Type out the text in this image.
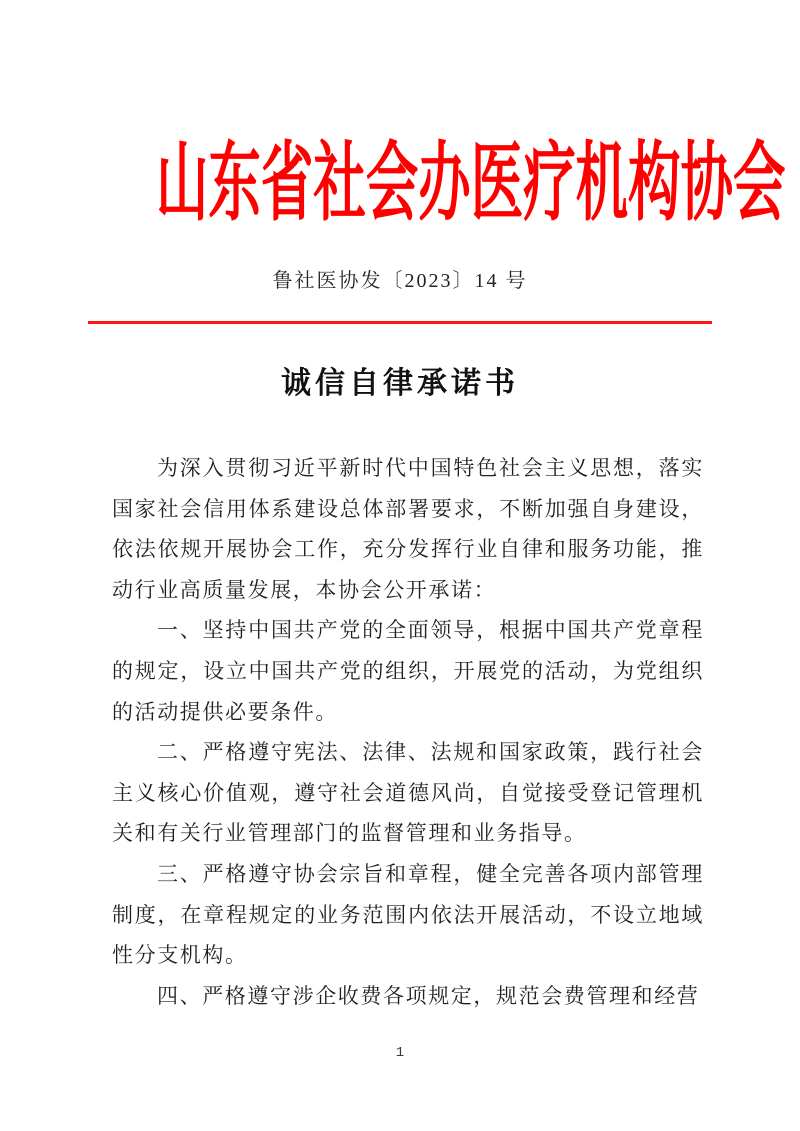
山东省社会办医疗机构协会
鲁社医协发〔2023〕14 号
诚信自律承诺书

为深入贯彻习近平新时代中国特色社会主义思想，落实国家社会信用体系建设总体部署要求，不断加强自身建设，依法依规开展协会工作，充分发挥行业自律和服务功能，推动行业高质量发展，本协会公开承诺：

一、坚持中国共产党的全面领导，根据中国共产党章程的规定，设立中国共产党的组织，开展党的活动，为党组织的活动提供必要条件。

二、严格遵守宪法、法律、法规和国家政策，践行社会主义核心价值观，遵守社会道德风尚，自觉接受登记管理机关和有关行业管理部门的监督管理和业务指导。

三、严格遵守协会宗旨和章程，健全完善各项内部管理制度，在章程规定的业务范围内依法开展活动，不设立地域性分支机构。

四、严格遵守涉企收费各项规定，规范会费管理和经营

1
